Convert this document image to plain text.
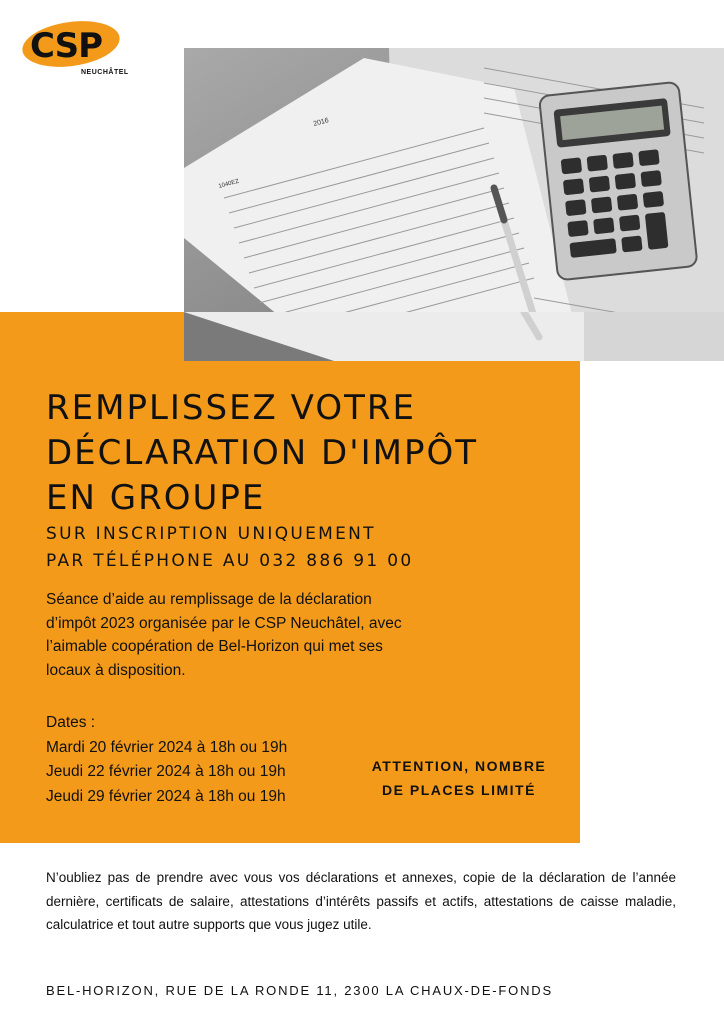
CSP
NEUCHÂTEL
2016
1040EZ
REMPLISSEZ VOTRE
DÉCLARATION D'IMPÔT
EN GROUPE
SUR INSCRIPTION UNIQUEMENT
PAR TÉLÉPHONE AU 032 886 91 00
Séance d’aide au remplissage de la déclaration
d’impôt 2023 organisée par le CSP Neuchâtel, avec
l’aimable coopération de Bel-Horizon qui met ses
locaux à disposition.
Dates :
Mardi 20 février 2024 à 18h ou 19h
Jeudi 22 février 2024 à 18h ou 19h
Jeudi 29 février 2024 à 18h ou 19h
ATTENTION, NOMBRE
DE PLACES LIMITÉ
N’oubliez pas de prendre avec vous vos déclarations et annexes, copie de la déclaration de l’année dernière, certificats de salaire, attestations d’intérêts passifs et actifs, attestations de caisse maladie, calculatrice et tout autre supports que vous jugez utile.
BEL-HORIZON, RUE DE LA RONDE 11, 2300 LA CHAUX-DE-FONDS
